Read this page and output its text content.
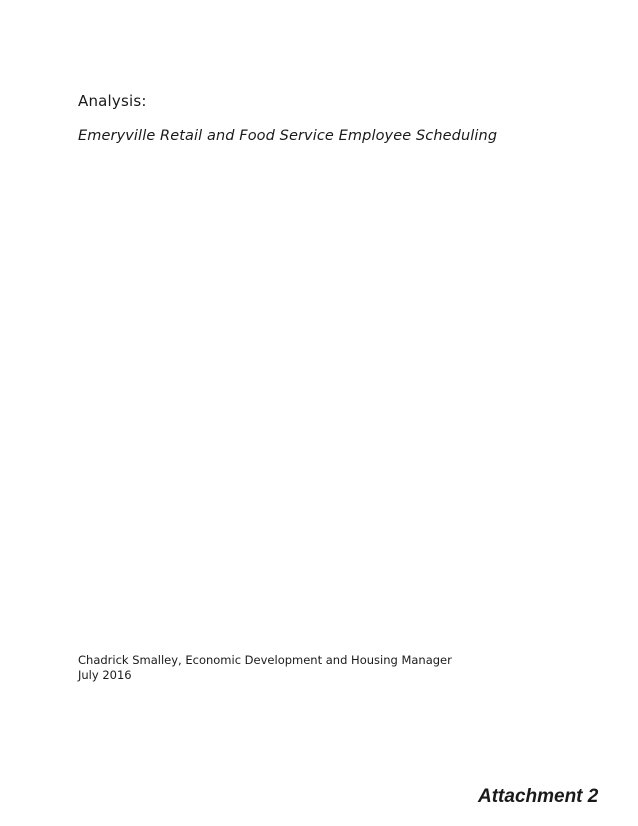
Analysis:
Emeryville Retail and Food Service Employee Scheduling
Chadrick Smalley, Economic Development and Housing Manager
July 2016
Attachment 2
